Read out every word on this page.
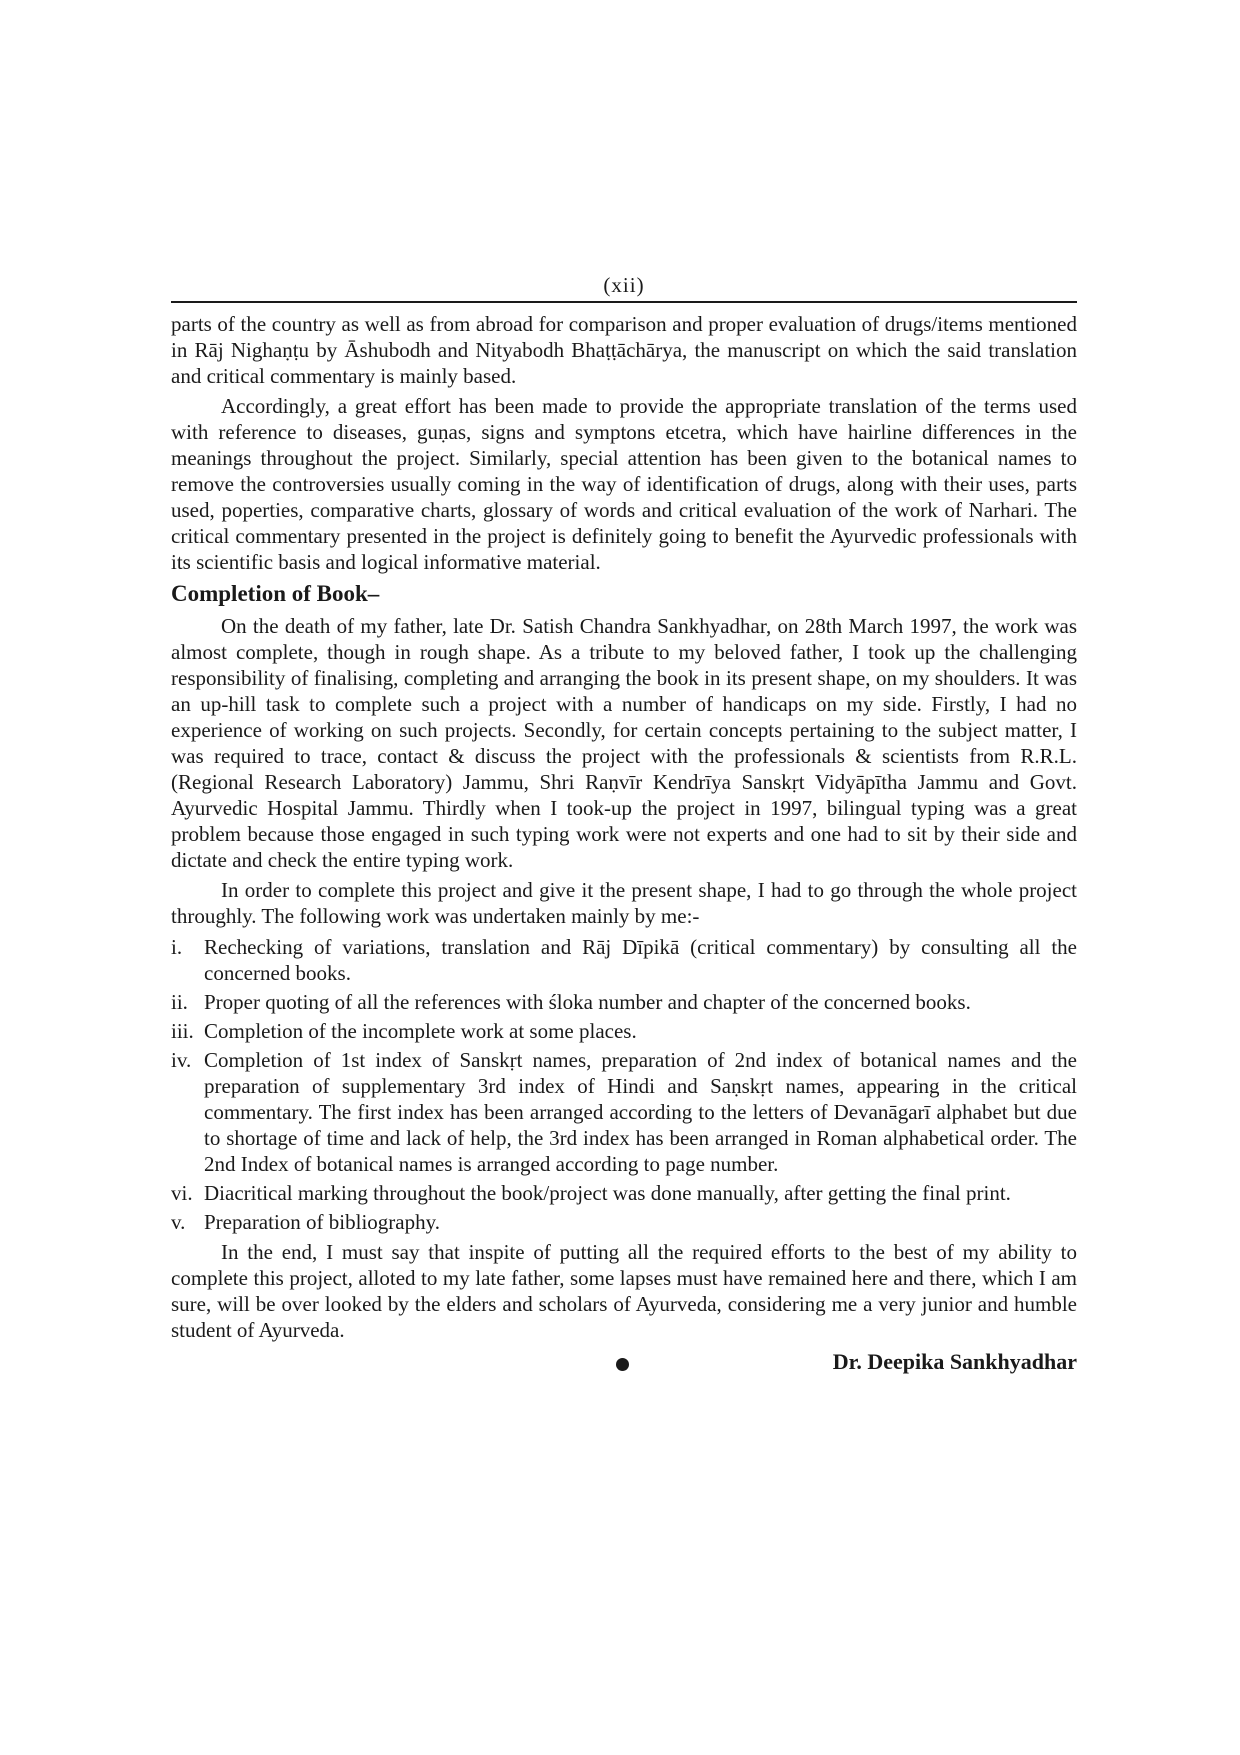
(xii)

parts of the country as well as from abroad for comparison and proper evaluation of drugs/items mentioned in Rāj Nighaṇṭu by Āshubodh and Nityabodh Bhaṭṭāchārya, the manuscript on which the said translation and critical commentary is mainly based.

Accordingly, a great effort has been made to provide the appropriate translation of the terms used with reference to diseases, guṇas, signs and symptons etcetra, which have hairline differences in the meanings throughout the project. Similarly, special attention has been given to the botanical names to remove the controversies usually coming in the way of identification of drugs, along with their uses, parts used, poperties, comparative charts, glossary of words and critical evaluation of the work of Narhari. The critical commentary presented in the project is definitely going to benefit the Ayurvedic professionals with its scientific basis and logical informative material.

Completion of Book–

On the death of my father, late Dr. Satish Chandra Sankhyadhar, on 28th March 1997, the work was almost complete, though in rough shape. As a tribute to my beloved father, I took up the challenging responsibility of finalising, completing and arranging the book in its present shape, on my shoulders. It was an up-hill task to complete such a project with a number of handicaps on my side. Firstly, I had no experience of working on such projects. Secondly, for certain concepts pertaining to the subject matter, I was required to trace, contact & discuss the project with the professionals & scientists from R.R.L. (Regional Research Laboratory) Jammu, Shri Raṇvīr Kendrīya Sanskṛt Vidyāpītha Jammu and Govt. Ayurvedic Hospital Jammu. Thirdly when I took-up the project in 1997, bilingual typing was a great problem because those engaged in such typing work were not experts and one had to sit by their side and dictate and check the entire typing work.

In order to complete this project and give it the present shape, I had to go through the whole project throughly. The following work was undertaken mainly by me:-

i. Rechecking of variations, translation and Rāj Dīpikā (critical commentary) by consulting all the concerned books.
ii. Proper quoting of all the references with śloka number and chapter of the concerned books.
iii. Completion of the incomplete work at some places.
iv. Completion of 1st index of Sanskṛt names, preparation of 2nd index of botanical names and the preparation of supplementary 3rd index of Hindi and Saṇskṛt names, appearing in the critical commentary. The first index has been arranged according to the letters of Devanāgarī alphabet but due to shortage of time and lack of help, the 3rd index has been arranged in Roman alphabetical order. The 2nd Index of botanical names is arranged according to page number.
vi. Diacritical marking throughout the book/project was done manually, after getting the final print.
v. Preparation of bibliography.

In the end, I must say that inspite of putting all the required efforts to the best of my ability to complete this project, alloted to my late father, some lapses must have remained here and there, which I am sure, will be over looked by the elders and scholars of Ayurveda, considering me a very junior and humble student of Ayurveda.

Dr. Deepika Sankhyadhar
